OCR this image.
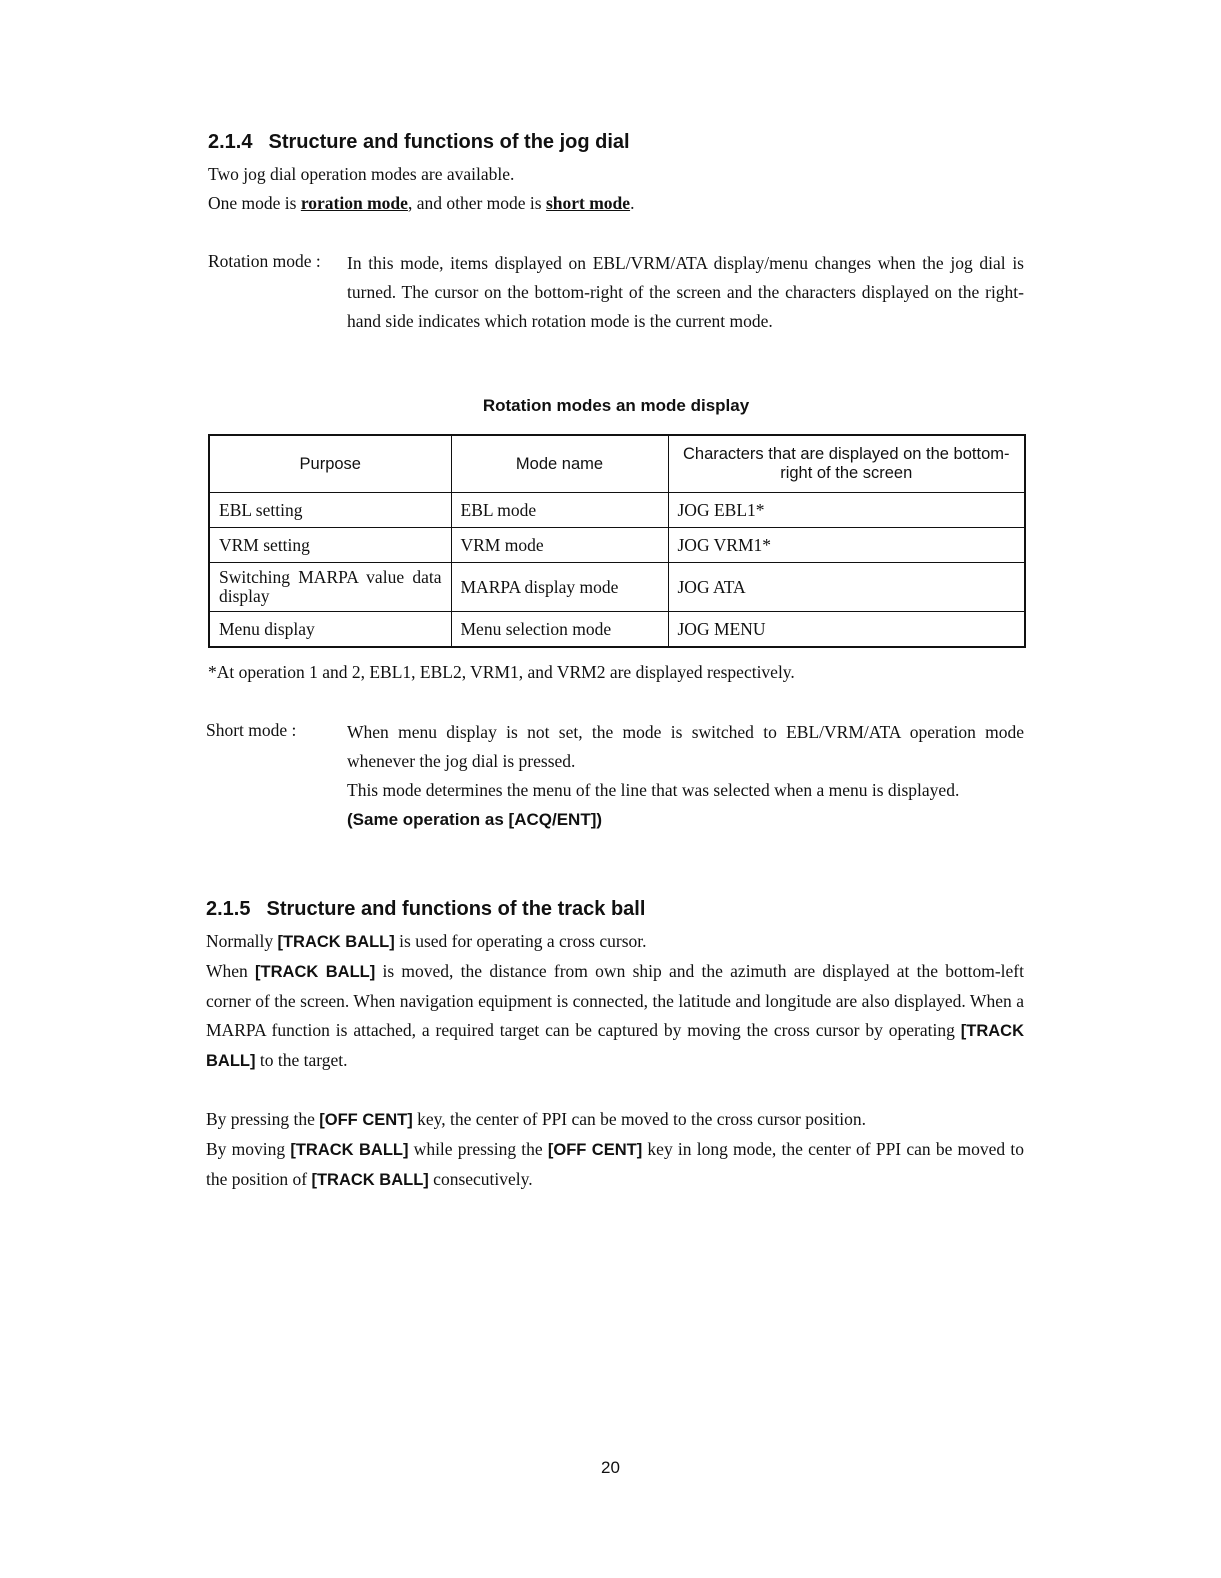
2.1.4 Structure and functions of the jog dial
Two jog dial operation modes are available.
One mode is roration mode, and other mode is short mode.
Rotation mode : In this mode, items displayed on EBL/VRM/ATA display/menu changes when the jog dial is turned. The cursor on the bottom-right of the screen and the characters displayed on the right-hand side indicates which rotation mode is the current mode.
Rotation modes an mode display
Purpose	Mode name	Characters that are displayed on the bottom-right of the screen
EBL setting	EBL mode	JOG EBL1*
VRM setting	VRM mode	JOG VRM1*
Switching MARPA value data display	MARPA display mode	JOG ATA
Menu display	Menu selection mode	JOG MENU
*At operation 1 and 2, EBL1, EBL2, VRM1, and VRM2 are displayed respectively.
Short mode :	When menu display is not set, the mode is switched to EBL/VRM/ATA operation mode whenever the jog dial is pressed.
This mode determines the menu of the line that was selected when a menu is displayed.
(Same operation as [ACQ/ENT])
2.1.5 Structure and functions of the track ball
Normally [TRACK BALL] is used for operating a cross cursor.
When [TRACK BALL] is moved, the distance from own ship and the azimuth are displayed at the bottom-left corner of the screen. When navigation equipment is connected, the latitude and longitude are also displayed. When a MARPA function is attached, a required target can be captured by moving the cross cursor by operating [TRACK BALL] to the target.
By pressing the [OFF CENT] key, the center of PPI can be moved to the cross cursor position.
By moving [TRACK BALL] while pressing the [OFF CENT] key in long mode, the center of PPI can be moved to the position of [TRACK BALL] consecutively.
20
